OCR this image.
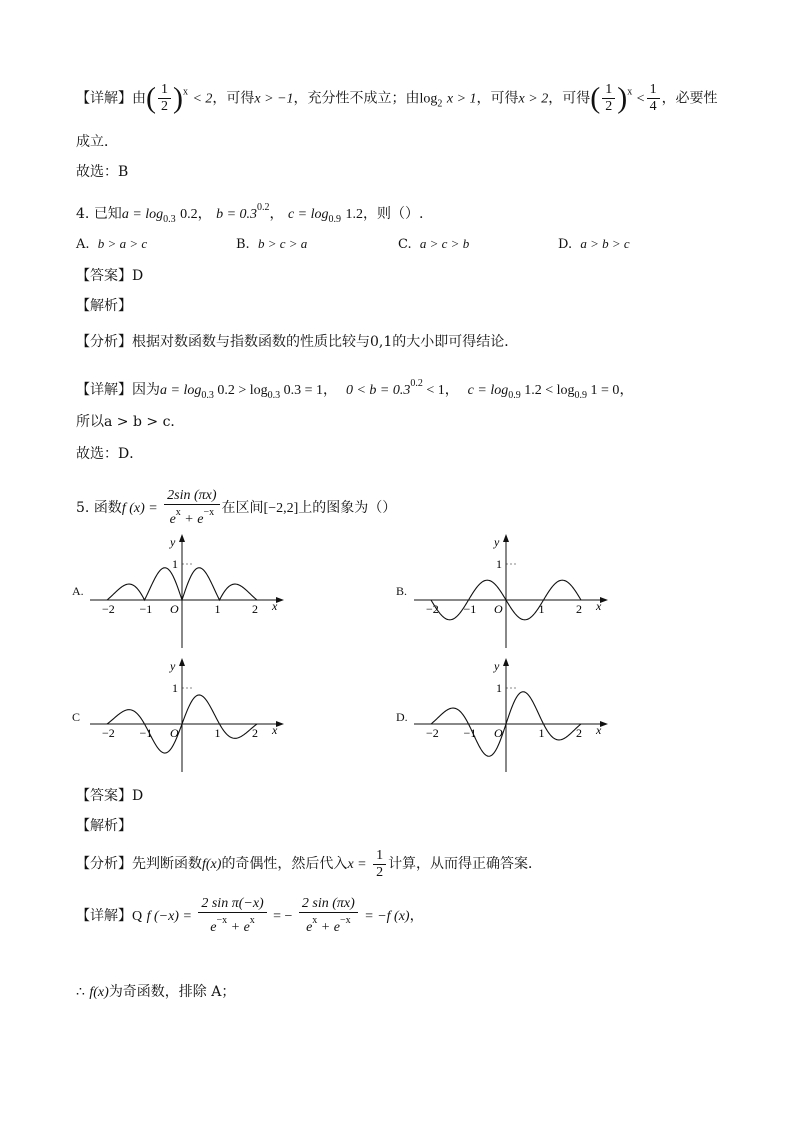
【详解】由( $\frac{1}{2} )^x < 2$，可得x > −1，充分性不成立；由$\log_2 x > 1$，可得x > 2，可得( $\frac{1}{2} )^x < \frac{1}{4}$ ，必要性
成立．
故选：B
4. 已知$a = \log_{0.3} 0.2$， $b = 0.3^{0.2}$， $c = \log_{0.9} 1.2$，则（）.
A. b > a > c	B. b > c > a	C. a > c > b	D. a > b > c
【答案】D
【解析】
【分析】根据对数函数与指数函数的性质比较与0,1的大小即可得结论．
【详解】因为$a = \log_{0.3} 0.2 > \log_{0.3} 0.3 = 1$，  $0 < b = 0.3^{0.2} < 1$，  $c = \log_{0.9} 1.2 < \log_{0.9} 1 = 0$，
所以a > b > c．
故选：D．
5. 函数f $(x) = \frac{2\sin (\pi x)}{e^x + e^{-x}}$ 在区间[−2,2]上的图象为（）
A.
x
y
1
−2 −1 O	1	2
B.
x
y
1
−2 −1 O	1	2
C
x
y
1
−2 −1 O	1	2
D.
x
y
1
−2 −1 O	1	2
【答案】D
【解析】
【分析】先判断函数f(x)的奇偶性，然后代入$x = \frac{1}{2}$ 计算，从而得正确答案．
【详解】Q f $(-x) = \frac{\text{2 sin π(−x)}}{e^{-x} + e^x}$ = − $\frac{2 \sin (\pi x)}{e^x + e^{-x}} = -f$ (x)，
∴ f(x)为奇函数，排除 A；
